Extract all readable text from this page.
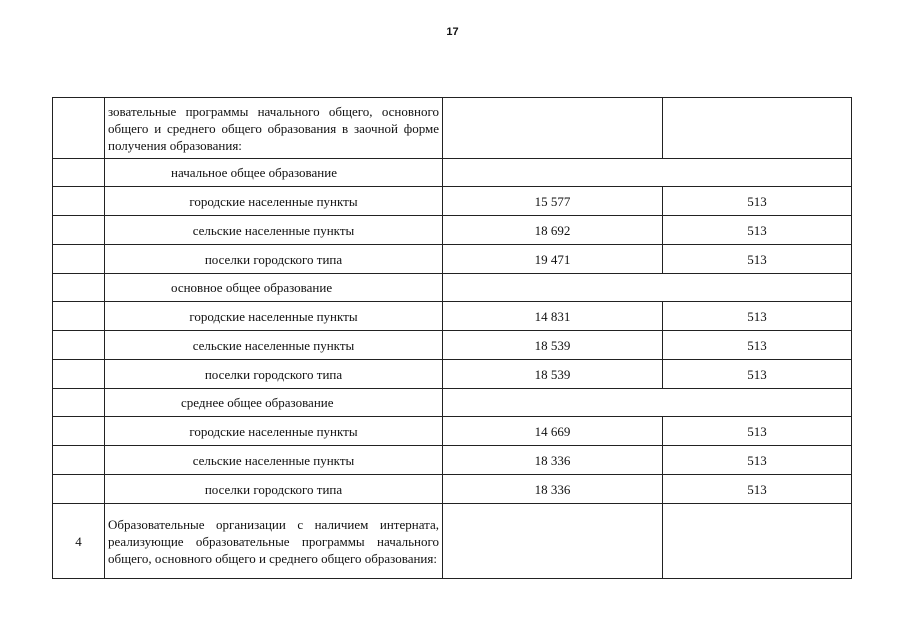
17
	зовательные программы начального общего, основного общего и среднего общего образования в заочной форме получения образования:		
	начальное общее образование		
	городские населенные пункты	15 577	513
	сельские населенные пункты	18 692	513
	поселки городского типа	19 471	513
	основное общее образование		
	городские населенные пункты	14 831	513
	сельские населенные пункты	18 539	513
	поселки городского типа	18 539	513
	среднее общее образование		
	городские населенные пункты	14 669	513
	сельские населенные пункты	18 336	513
	поселки городского типа	18 336	513
4	Образовательные организации с наличием интерната, реализующие образовательные программы начального общего, основного общего и среднего общего образования:		
